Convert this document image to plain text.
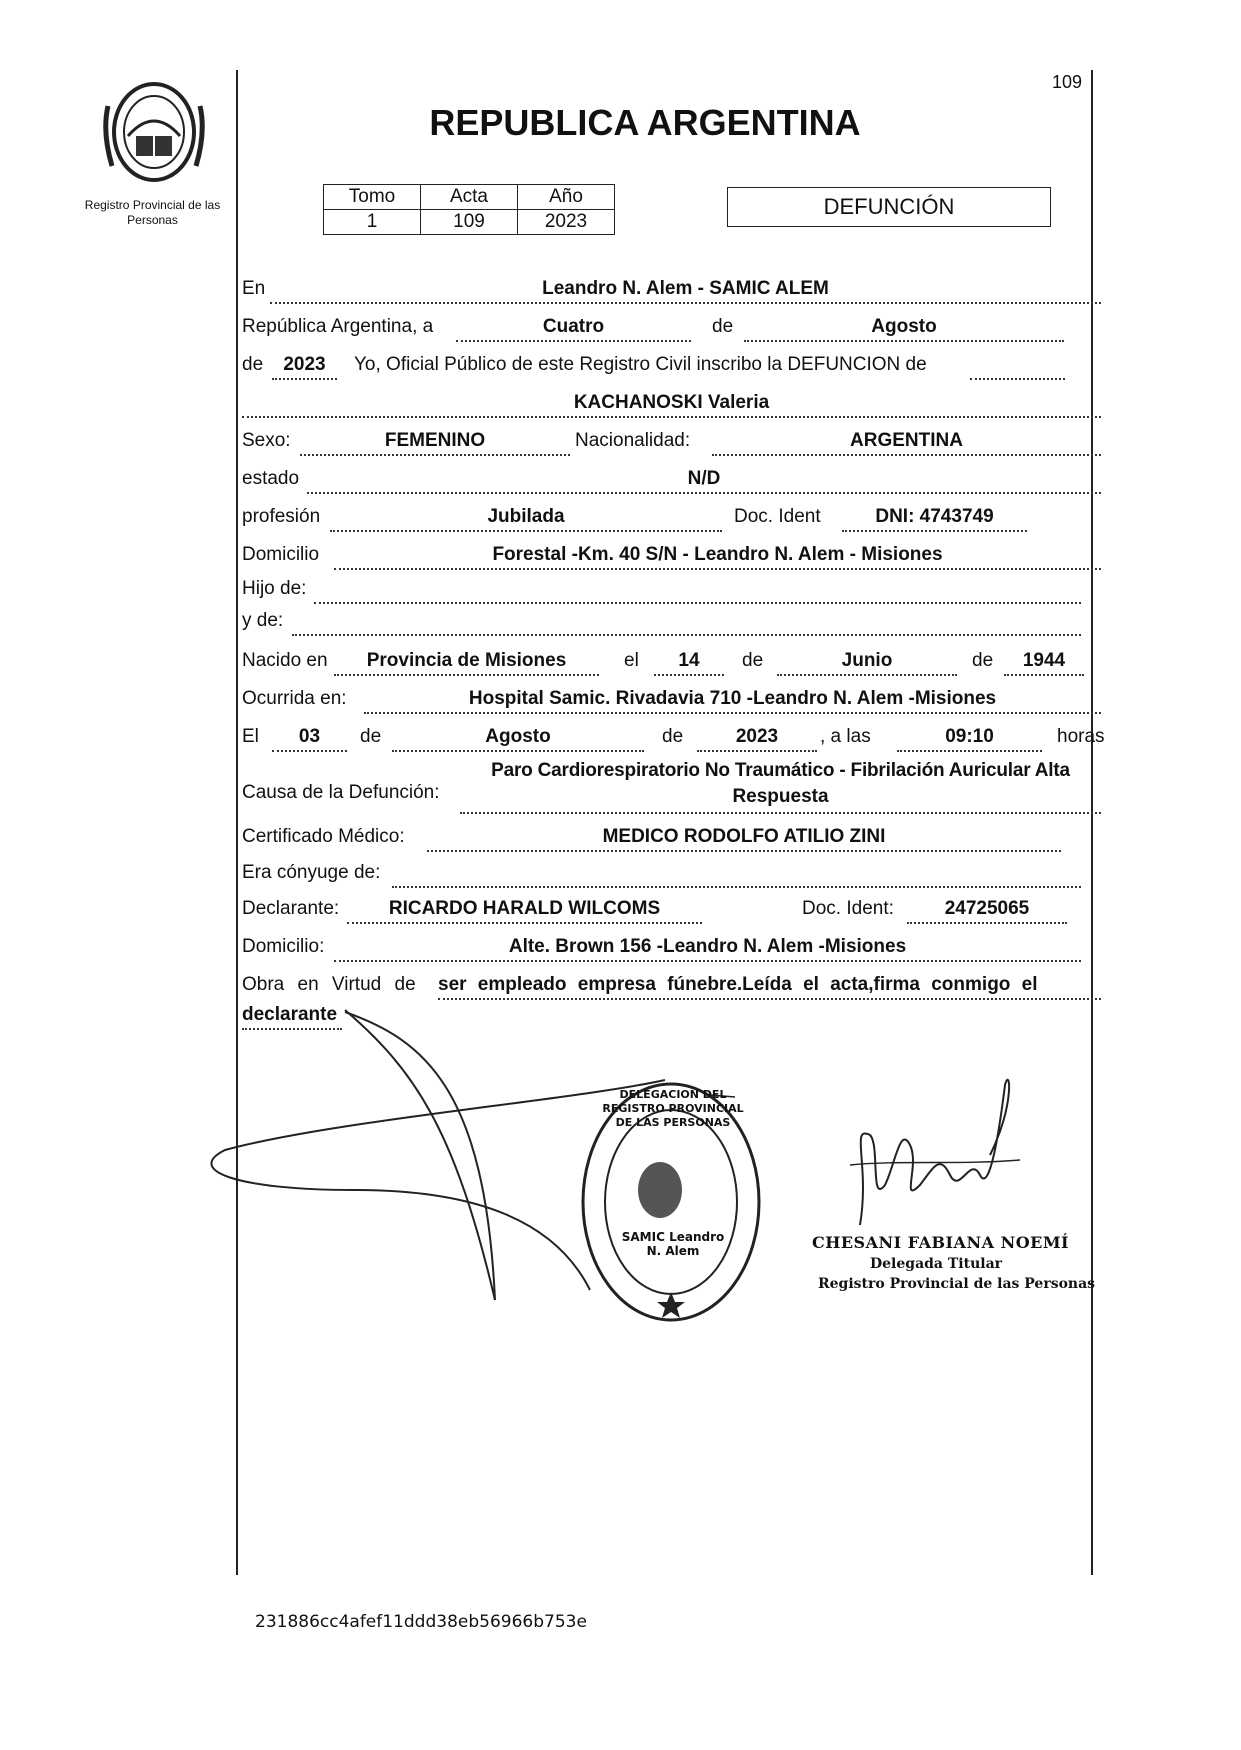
109
Registro Provincial de las Personas
REPUBLICA ARGENTINA
Tomo	Acta	Año
1	109	2023
DEFUNCIÓN
En	Leandro N. Alem - SAMIC ALEM
República Argentina, a	Cuatro	de	Agosto
de	2023	Yo, Oficial Público de este Registro Civil inscribo la DEFUNCION de
KACHANOSKI Valeria
Sexo:	FEMENINO	Nacionalidad:	ARGENTINA
estado	N/D
profesión	Jubilada	Doc. Ident	DNI: 4743749
Domicilio	Forestal -Km. 40 S/N - Leandro N. Alem - Misiones
Hijo de:
y de:
Nacido en	Provincia de Misiones	el	14	de	Junio	de	1944
Ocurrida en:	Hospital Samic. Rivadavia 710 -Leandro N. Alem -Misiones
El	03	de	Agosto	de	2023	, a las	09:10	horas
Causa de la Defunción:
Paro Cardiorespiratorio No Traumático - Fibrilación Auricular Alta
Respuesta
Certificado Médico:	MEDICO RODOLFO ATILIO ZINI
Era cónyuge de:
Declarante:	RICARDO HARALD WILCOMS	Doc. Ident:	24725065
Domicilio:	Alte. Brown 156 -Leandro N. Alem -Misiones
Obra en Virtud de ser empleado empresa fúnebre.Leída el acta,firma conmigo el
declarante
DELEGACION DEL REGISTRO PROVINCIAL DE LAS PERSONAS
SAMIC Leandro N. Alem	CHESANI FABIANA NOEMÍ
Delegada Titular
Registro Provincial de las Personas
231886cc4afef11ddd38eb56966b753e
